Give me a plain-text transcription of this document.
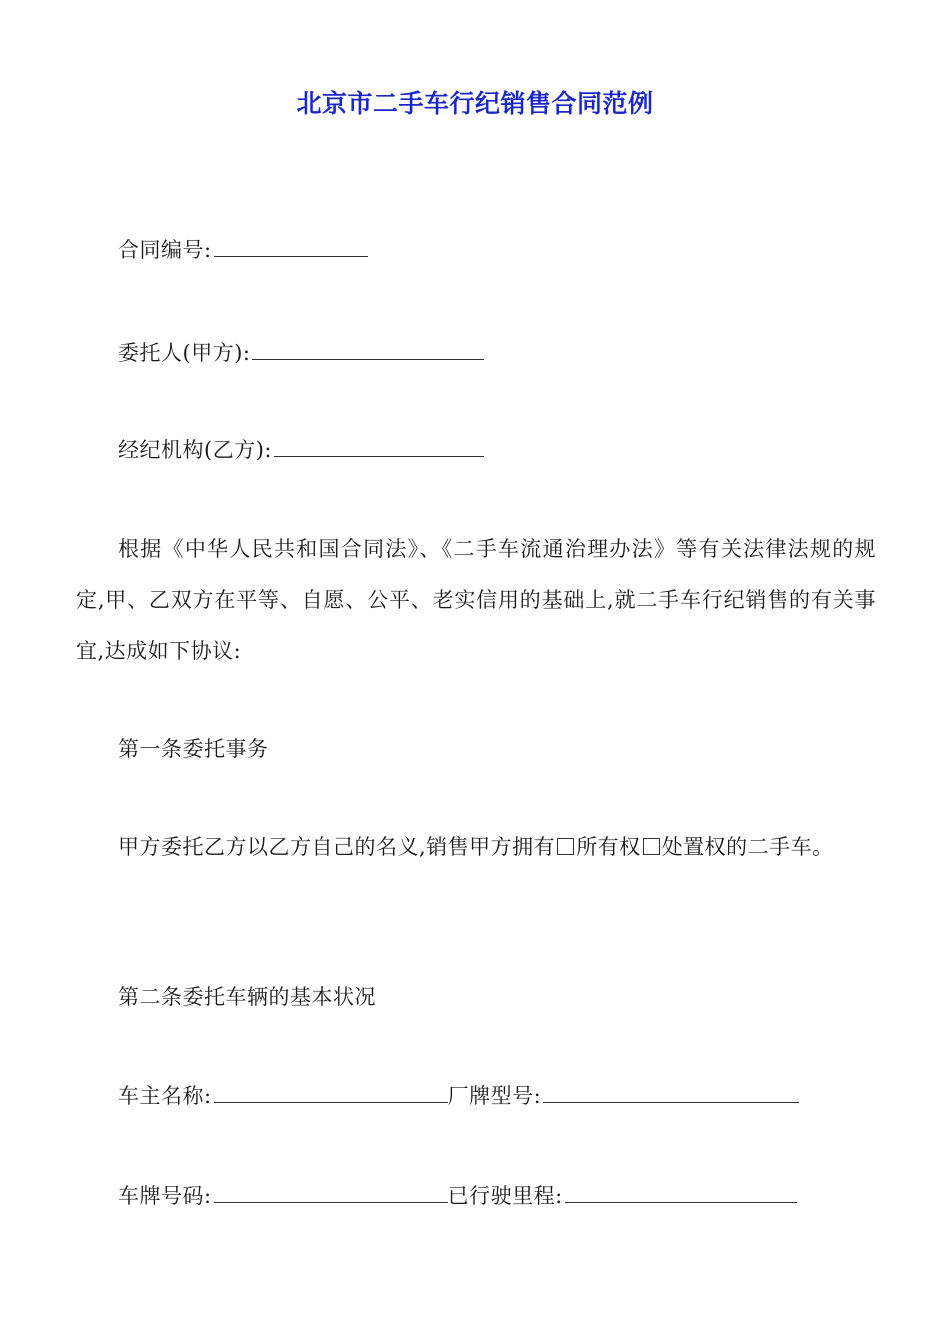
北京市二手车行纪销售合同范例
合同编号:
委托人(甲方):
经纪机构(乙方):
根据《中华人民共和国合同法》、《二手车流通治理办法》等有关法律法规的规定,甲、乙双方在平等、自愿、公平、老实信用的基础上,就二手车行纪销售的有关事宜,达成如下协议:
第一条委托事务
甲方委托乙方以乙方自己的名义,销售甲方拥有 所有权 处置权的二手车。
第二条委托车辆的基本状况
车主名称:	厂牌型号:
车牌号码:	已行驶里程:
